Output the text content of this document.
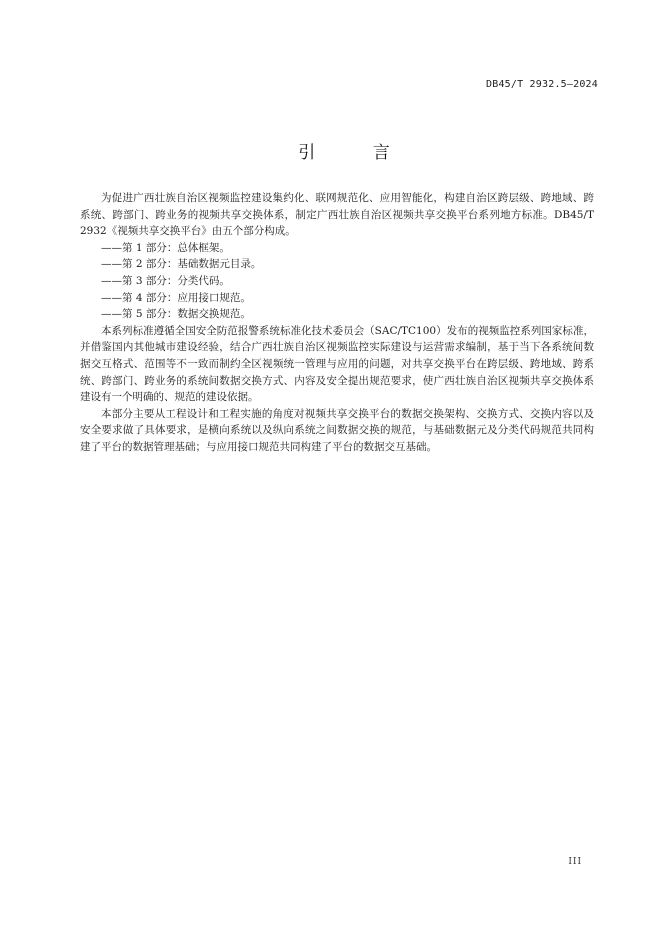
DB45/T 2932.5—2024
引 言

为促进广西壮族自治区视频监控建设集约化、联网规范化、应用智能化，构建自治区跨层级、跨地域、跨系统、跨部门、跨业务的视频共享交换体系，制定广西壮族自治区视频共享交换平台系列地方标准。DB45/T 2932《视频共享交换平台》由五个部分构成。

——第 1 部分：总体框架。
——第 2 部分：基础数据元目录。
——第 3 部分：分类代码。
——第 4 部分：应用接口规范。
——第 5 部分：数据交换规范。

本系列标准遵循全国安全防范报警系统标准化技术委员会（SAC/TC100）发布的视频监控系列国家标准，并借鉴国内其他城市建设经验，结合广西壮族自治区视频监控实际建设与运营需求编制，基于当下各系统间数据交互格式、范围等不一致而制约全区视频统一管理与应用的问题，对共享交换平台在跨层级、跨地域、跨系统、跨部门、跨业务的系统间数据交换方式、内容及安全提出规范要求，使广西壮族自治区视频共享交换体系建设有一个明确的、规范的建设依据。

本部分主要从工程设计和工程实施的角度对视频共享交换平台的数据交换架构、交换方式、交换内容以及安全要求做了具体要求，是横向系统以及纵向系统之间数据交换的规范，与基础数据元及分类代码规范共同构建了平台的数据管理基础；与应用接口规范共同构建了平台的数据交互基础。

III
